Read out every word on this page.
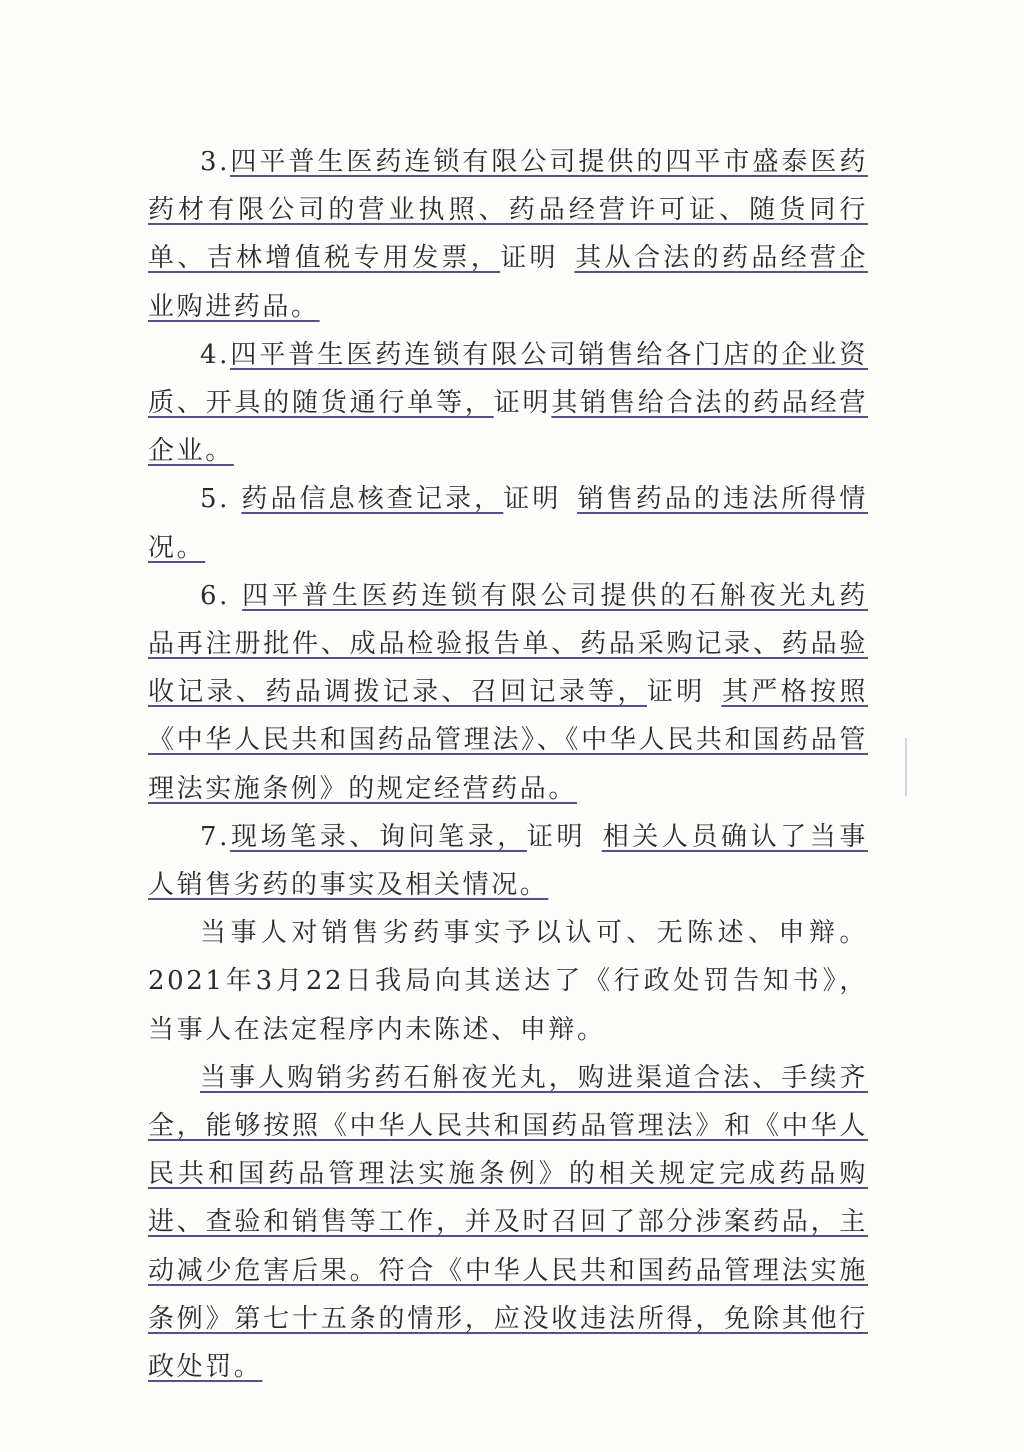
3.四平普生医药连锁有限公司提供的四平市盛泰医药药材有限公司的营业执照、药品经营许可证、随货同行单、吉林增值税专用发票，证明  其从合法的药品经营企业购进药品。

4.四平普生医药连锁有限公司销售给各门店的企业资质、开具的随货通行单等，证明其销售给合法的药品经营企业。

5. 药品信息核查记录，证明  销售药品的违法所得情况。

6. 四平普生医药连锁有限公司提供的石斛夜光丸药品再注册批件、成品检验报告单、药品采购记录、药品验收记录、药品调拨记录、召回记录等，证明  其严格按照《中华人民共和国药品管理法》、《中华人民共和国药品管理法实施条例》的规定经营药品。

7.现场笔录、询问笔录，证明  相关人员确认了当事人销售劣药的事实及相关情况。

当事人对销售劣药事实予以认可、无陈述、申辩。2021年3月22日我局向其送达了《行政处罚告知书》，当事人在法定程序内未陈述、申辩。

当事人购销劣药石斛夜光丸，购进渠道合法、手续齐全，能够按照《中华人民共和国药品管理法》和《中华人民共和国药品管理法实施条例》的相关规定完成药品购进、查验和销售等工作，并及时召回了部分涉案药品，主动减少危害后果。符合《中华人民共和国药品管理法实施条例》第七十五条的情形，应没收违法所得，免除其他行政处罚。
